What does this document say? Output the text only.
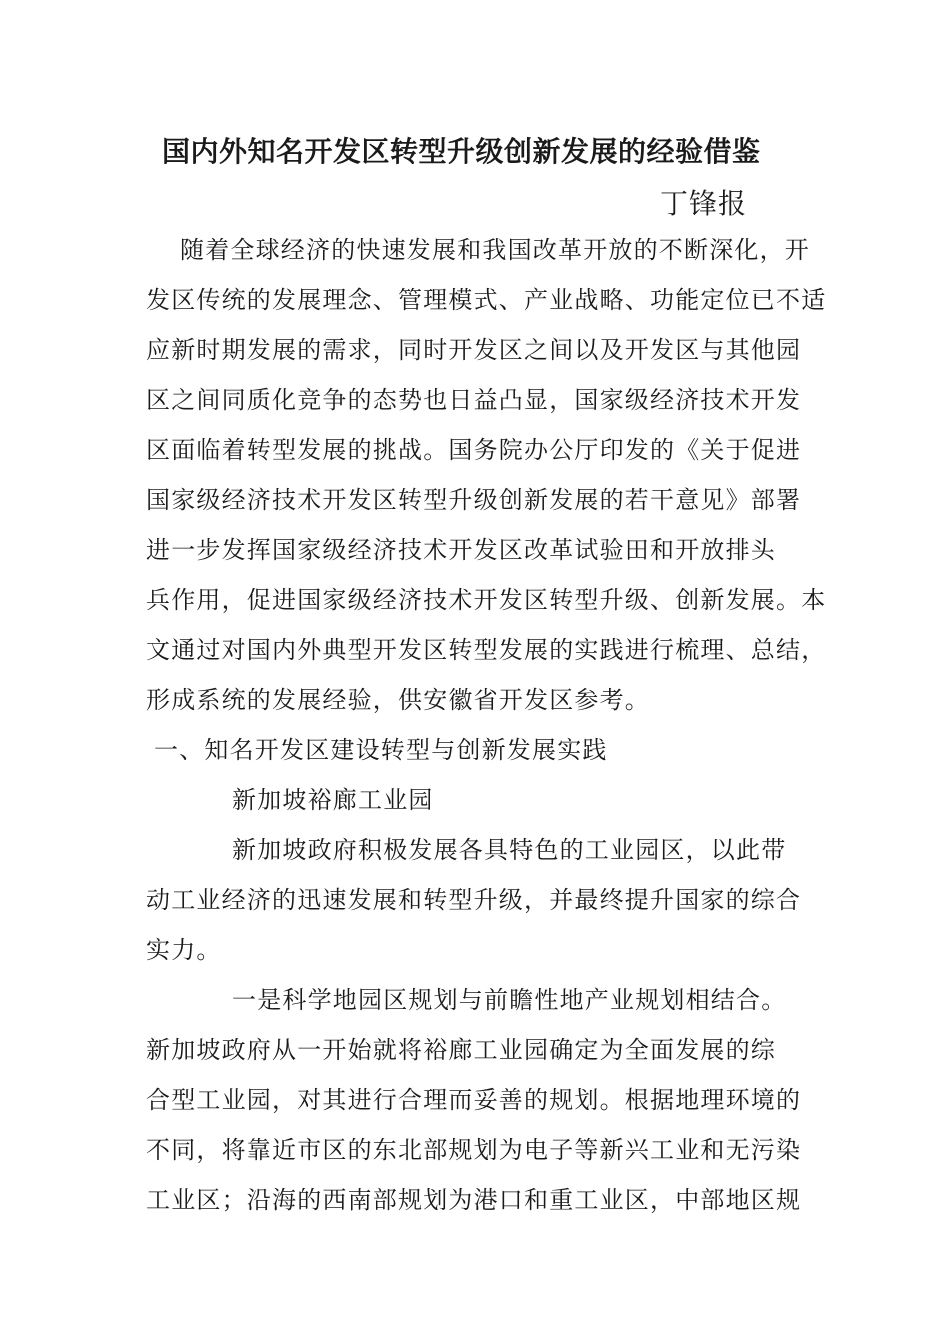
国内外知名开发区转型升级创新发展的经验借鉴
丁锋报
随着全球经济的快速发展和我国改革开放的不断深化，开
发区传统的发展理念、管理模式、产业战略、功能定位已不适
应新时期发展的需求，同时开发区之间以及开发区与其他园
区之间同质化竞争的态势也日益凸显，国家级经济技术开发
区面临着转型发展的挑战。国务院办公厅印发的《关于促进
国家级经济技术开发区转型升级创新发展的若干意见》部署
进一步发挥国家级经济技术开发区改革试验田和开放排头
兵作用，促进国家级经济技术开发区转型升级、创新发展。本
文通过对国内外典型开发区转型发展的实践进行梳理、总结，
形成系统的发展经验，供安徽省开发区参考。
一、知名开发区建设转型与创新发展实践
新加坡裕廊工业园
新加坡政府积极发展各具特色的工业园区，以此带
动工业经济的迅速发展和转型升级，并最终提升国家的综合
实力。
一是科学地园区规划与前瞻性地产业规划相结合。
新加坡政府从一开始就将裕廊工业园确定为全面发展的综
合型工业园，对其进行合理而妥善的规划。根据地理环境的
不同，将靠近市区的东北部规划为电子等新兴工业和无污染
工业区；沿海的西南部规划为港口和重工业区，中部地区规
